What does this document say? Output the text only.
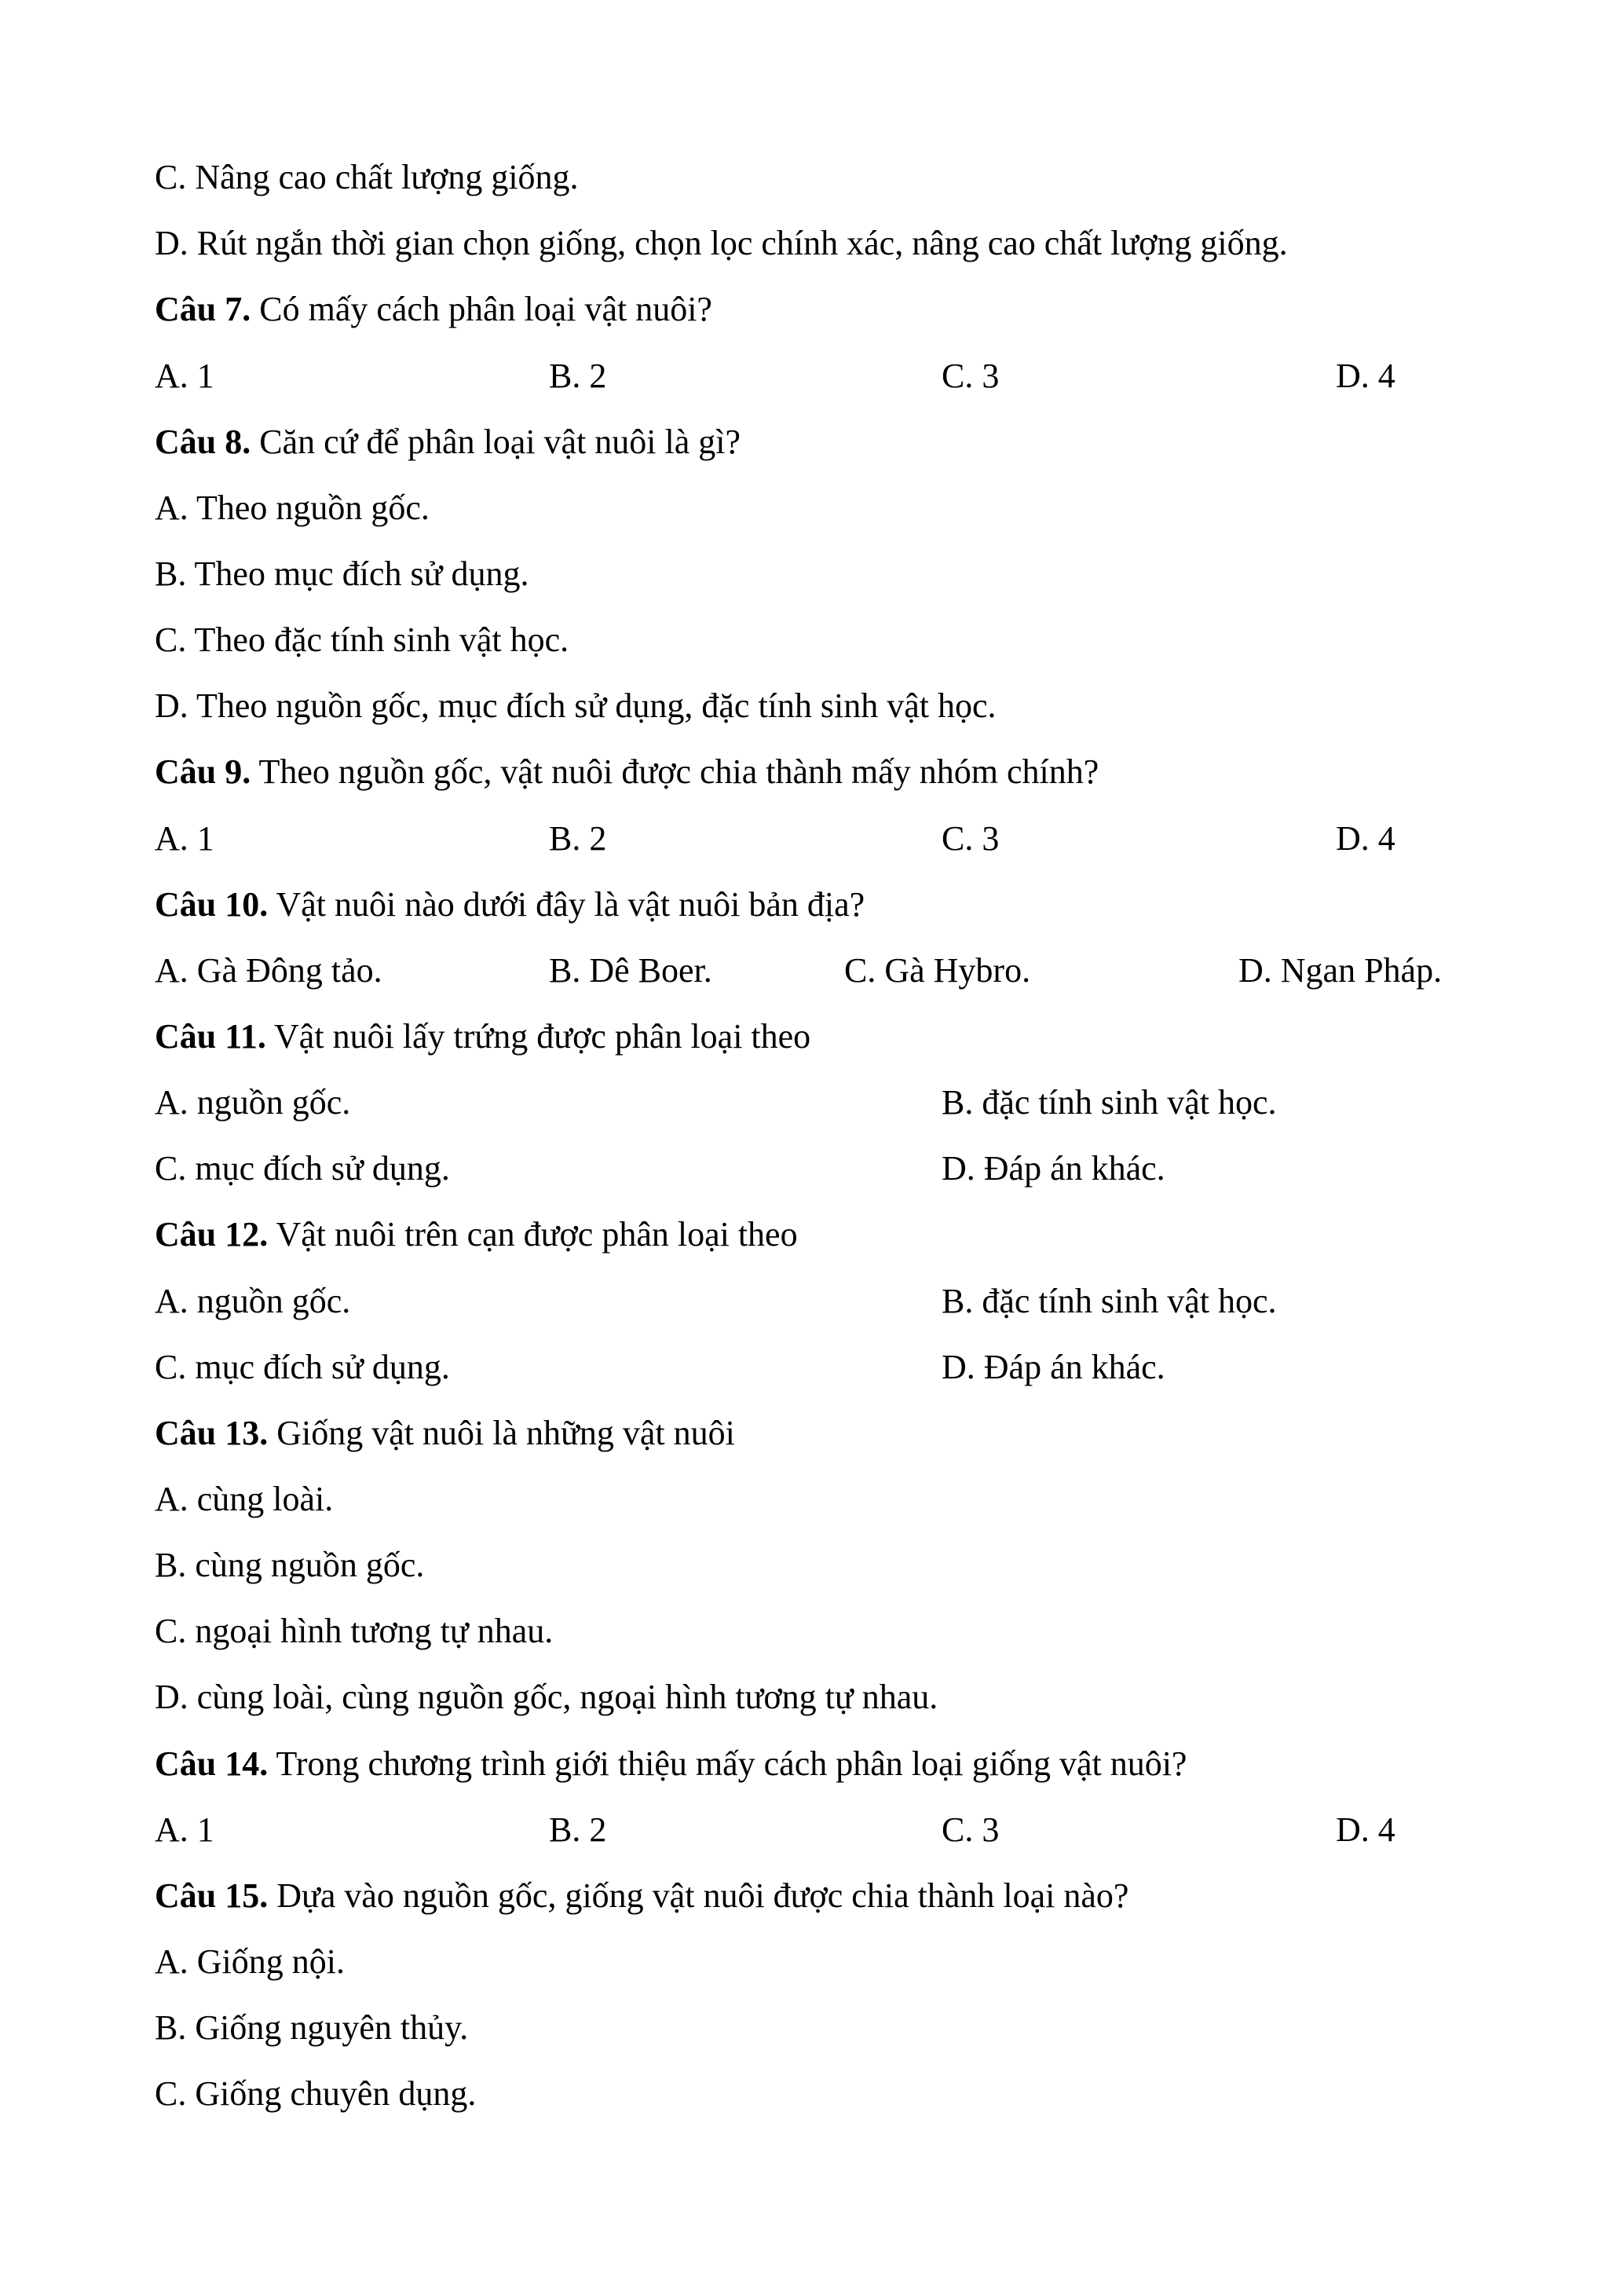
C. Nâng cao chất lượng giống.
D. Rút ngắn thời gian chọn giống, chọn lọc chính xác, nâng cao chất lượng giống.
Câu 7. Có mấy cách phân loại vật nuôi?
A. 1	B. 2	C. 3	D. 4
Câu 8. Căn cứ để phân loại vật nuôi là gì?
A. Theo nguồn gốc.
B. Theo mục đích sử dụng.
C. Theo đặc tính sinh vật học.
D. Theo nguồn gốc, mục đích sử dụng, đặc tính sinh vật học.
Câu 9. Theo nguồn gốc, vật nuôi được chia thành mấy nhóm chính?
A. 1	B. 2	C. 3	D. 4
Câu 10. Vật nuôi nào dưới đây là vật nuôi bản địa?
A. Gà Đông tảo.	B. Dê Boer.	C. Gà Hybro.	D. Ngan Pháp.
Câu 11. Vật nuôi lấy trứng được phân loại theo
A. nguồn gốc.	B. đặc tính sinh vật học.
C. mục đích sử dụng.	D. Đáp án khác.
Câu 12. Vật nuôi trên cạn được phân loại theo
A. nguồn gốc.	B. đặc tính sinh vật học.
C. mục đích sử dụng.	D. Đáp án khác.
Câu 13. Giống vật nuôi là những vật nuôi
A. cùng loài.
B. cùng nguồn gốc.
C. ngoại hình tương tự nhau.
D. cùng loài, cùng nguồn gốc, ngoại hình tương tự nhau.
Câu 14. Trong chương trình giới thiệu mấy cách phân loại giống vật nuôi?
A. 1	B. 2	C. 3	D. 4
Câu 15. Dựa vào nguồn gốc, giống vật nuôi được chia thành loại nào?
A. Giống nội.
B. Giống nguyên thủy.
C. Giống chuyên dụng.
